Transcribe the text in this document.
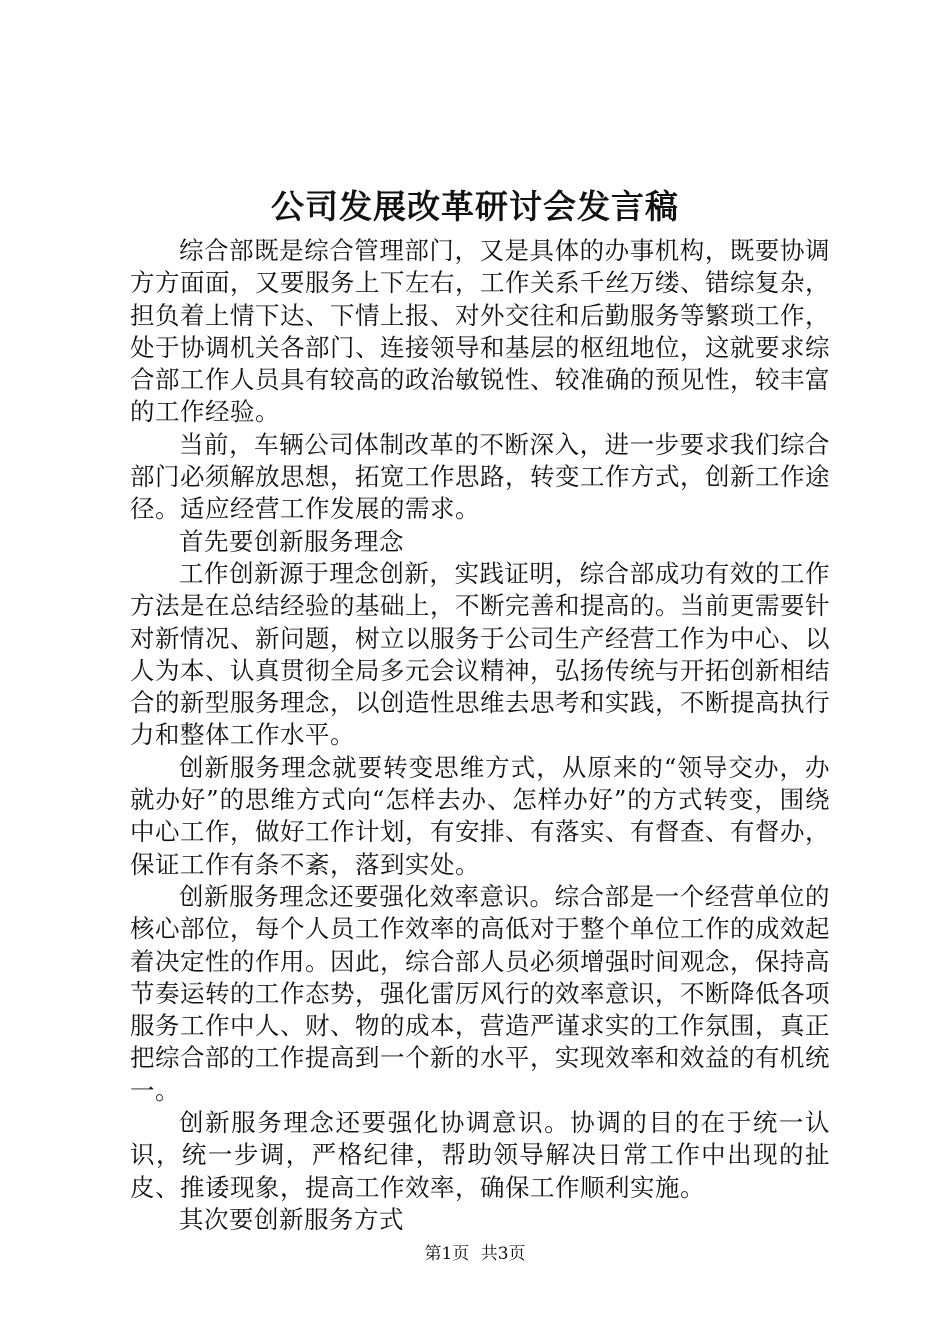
公司发展改革研讨会发言稿

综合部既是综合管理部门，又是具体的办事机构，既要协调方方面面，又要服务上下左右，工作关系千丝万缕、错综复杂，担负着上情下达、下情上报、对外交往和后勤服务等繁琐工作，处于协调机关各部门、连接领导和基层的枢纽地位，这就要求综合部工作人员具有较高的政治敏锐性、较准确的预见性，较丰富的工作经验。

当前，车辆公司体制改革的不断深入，进一步要求我们综合部门必须解放思想，拓宽工作思路，转变工作方式，创新工作途径。适应经营工作发展的需求。

首先要创新服务理念

工作创新源于理念创新，实践证明，综合部成功有效的工作方法是在总结经验的基础上，不断完善和提高的。当前更需要针对新情况、新问题，树立以服务于公司生产经营工作为中心、以人为本、认真贯彻全局多元会议精神，弘扬传统与开拓创新相结合的新型服务理念，以创造性思维去思考和实践，不断提高执行力和整体工作水平。

创新服务理念就要转变思维方式，从原来的“领导交办，办就办好”的思维方式向“怎样去办、怎样办好”的方式转变，围绕中心工作，做好工作计划，有安排、有落实、有督查、有督办，保证工作有条不紊，落到实处。

创新服务理念还要强化效率意识。综合部是一个经营单位的核心部位，每个人员工作效率的高低对于整个单位工作的成效起着决定性的作用。因此，综合部人员必须增强时间观念，保持高节奏运转的工作态势，强化雷厉风行的效率意识，不断降低各项服务工作中人、财、物的成本，营造严谨求实的工作氛围，真正把综合部的工作提高到一个新的水平，实现效率和效益的有机统一。

创新服务理念还要强化协调意识。协调的目的在于统一认识，统一步调，严格纪律，帮助领导解决日常工作中出现的扯皮、推诿现象，提高工作效率，确保工作顺利实施。

其次要创新服务方式

第1页 共3页
